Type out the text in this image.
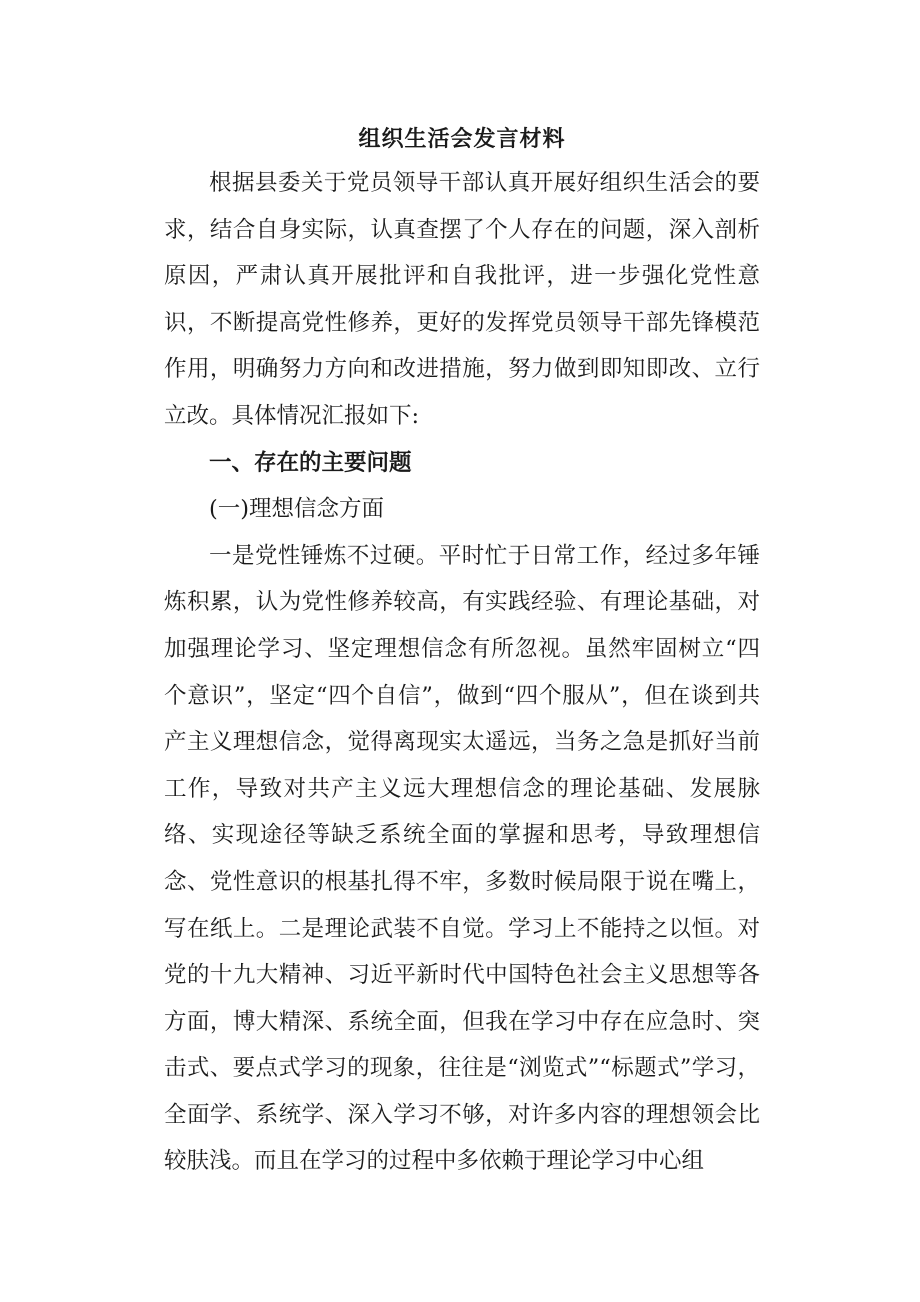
组织生活会发言材料

根据县委关于党员领导干部认真开展好组织生活会的要求，结合自身实际，认真查摆了个人存在的问题，深入剖析原因，严肃认真开展批评和自我批评，进一步强化党性意识，不断提高党性修养，更好的发挥党员领导干部先锋模范作用，明确努力方向和改进措施，努力做到即知即改、立行立改。具体情况汇报如下:

一、存在的主要问题

(一)理想信念方面

一是党性锤炼不过硬。平时忙于日常工作，经过多年锤炼积累，认为党性修养较高，有实践经验、有理论基础，对加强理论学习、坚定理想信念有所忽视。虽然牢固树立“四个意识”，坚定“四个自信”，做到“四个服从”，但在谈到共产主义理想信念，觉得离现实太遥远，当务之急是抓好当前工作，导致对共产主义远大理想信念的理论基础、发展脉络、实现途径等缺乏系统全面的掌握和思考，导致理想信念、党性意识的根基扎得不牢，多数时候局限于说在嘴上，写在纸上。二是理论武装不自觉。学习上不能持之以恒。对党的十九大精神、习近平新时代中国特色社会主义思想等各方面，博大精深、系统全面，但我在学习中存在应急时、突击式、要点式学习的现象，往往是“浏览式”“标题式”学习，全面学、系统学、深入学习不够，对许多内容的理想领会比较肤浅。而且在学习的过程中多依赖于理论学习中心组
